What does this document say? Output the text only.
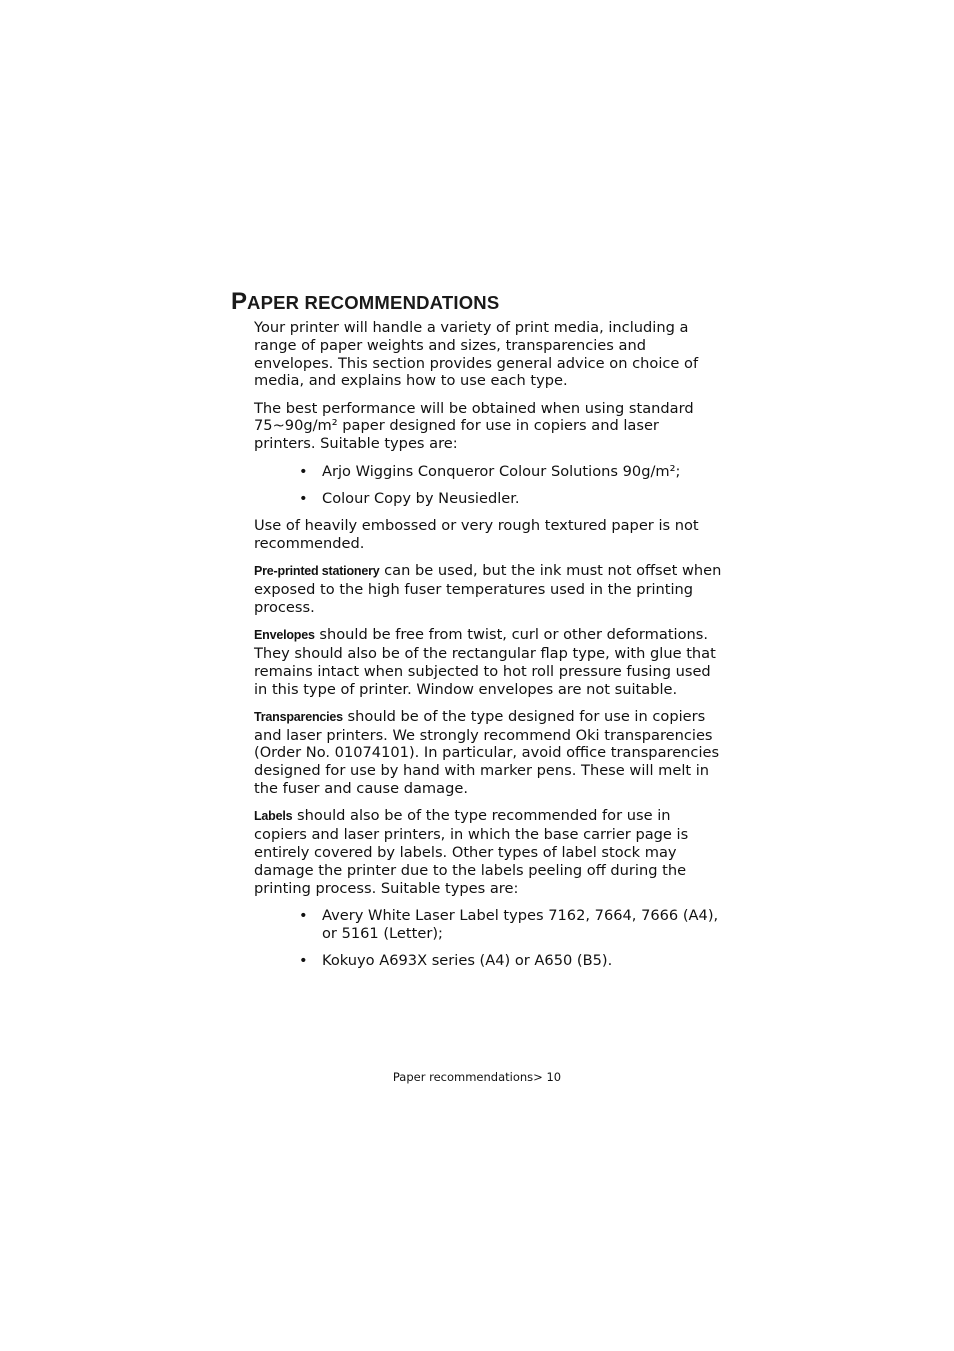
PAPER RECOMMENDATIONS

Your printer will handle a variety of print media, including a range of paper weights and sizes, transparencies and envelopes. This section provides general advice on choice of media, and explains how to use each type.

The best performance will be obtained when using standard 75~90g/m² paper designed for use in copiers and laser printers. Suitable types are:

• Arjo Wiggins Conqueror Colour Solutions 90g/m²;
• Colour Copy by Neusiedler.

Use of heavily embossed or very rough textured paper is not recommended.

Pre-printed stationery can be used, but the ink must not offset when exposed to the high fuser temperatures used in the printing process.

Envelopes should be free from twist, curl or other deformations. They should also be of the rectangular flap type, with glue that remains intact when subjected to hot roll pressure fusing used in this type of printer. Window envelopes are not suitable.

Transparencies should be of the type designed for use in copiers and laser printers. We strongly recommend Oki transparencies (Order No. 01074101). In particular, avoid office transparencies designed for use by hand with marker pens. These will melt in the fuser and cause damage.

Labels should also be of the type recommended for use in copiers and laser printers, in which the base carrier page is entirely covered by labels. Other types of label stock may damage the printer due to the labels peeling off during the printing process. Suitable types are:

• Avery White Laser Label types 7162, 7664, 7666 (A4), or 5161 (Letter);
• Kokuyo A693X series (A4) or A650 (B5).
Paper recommendations> 10
